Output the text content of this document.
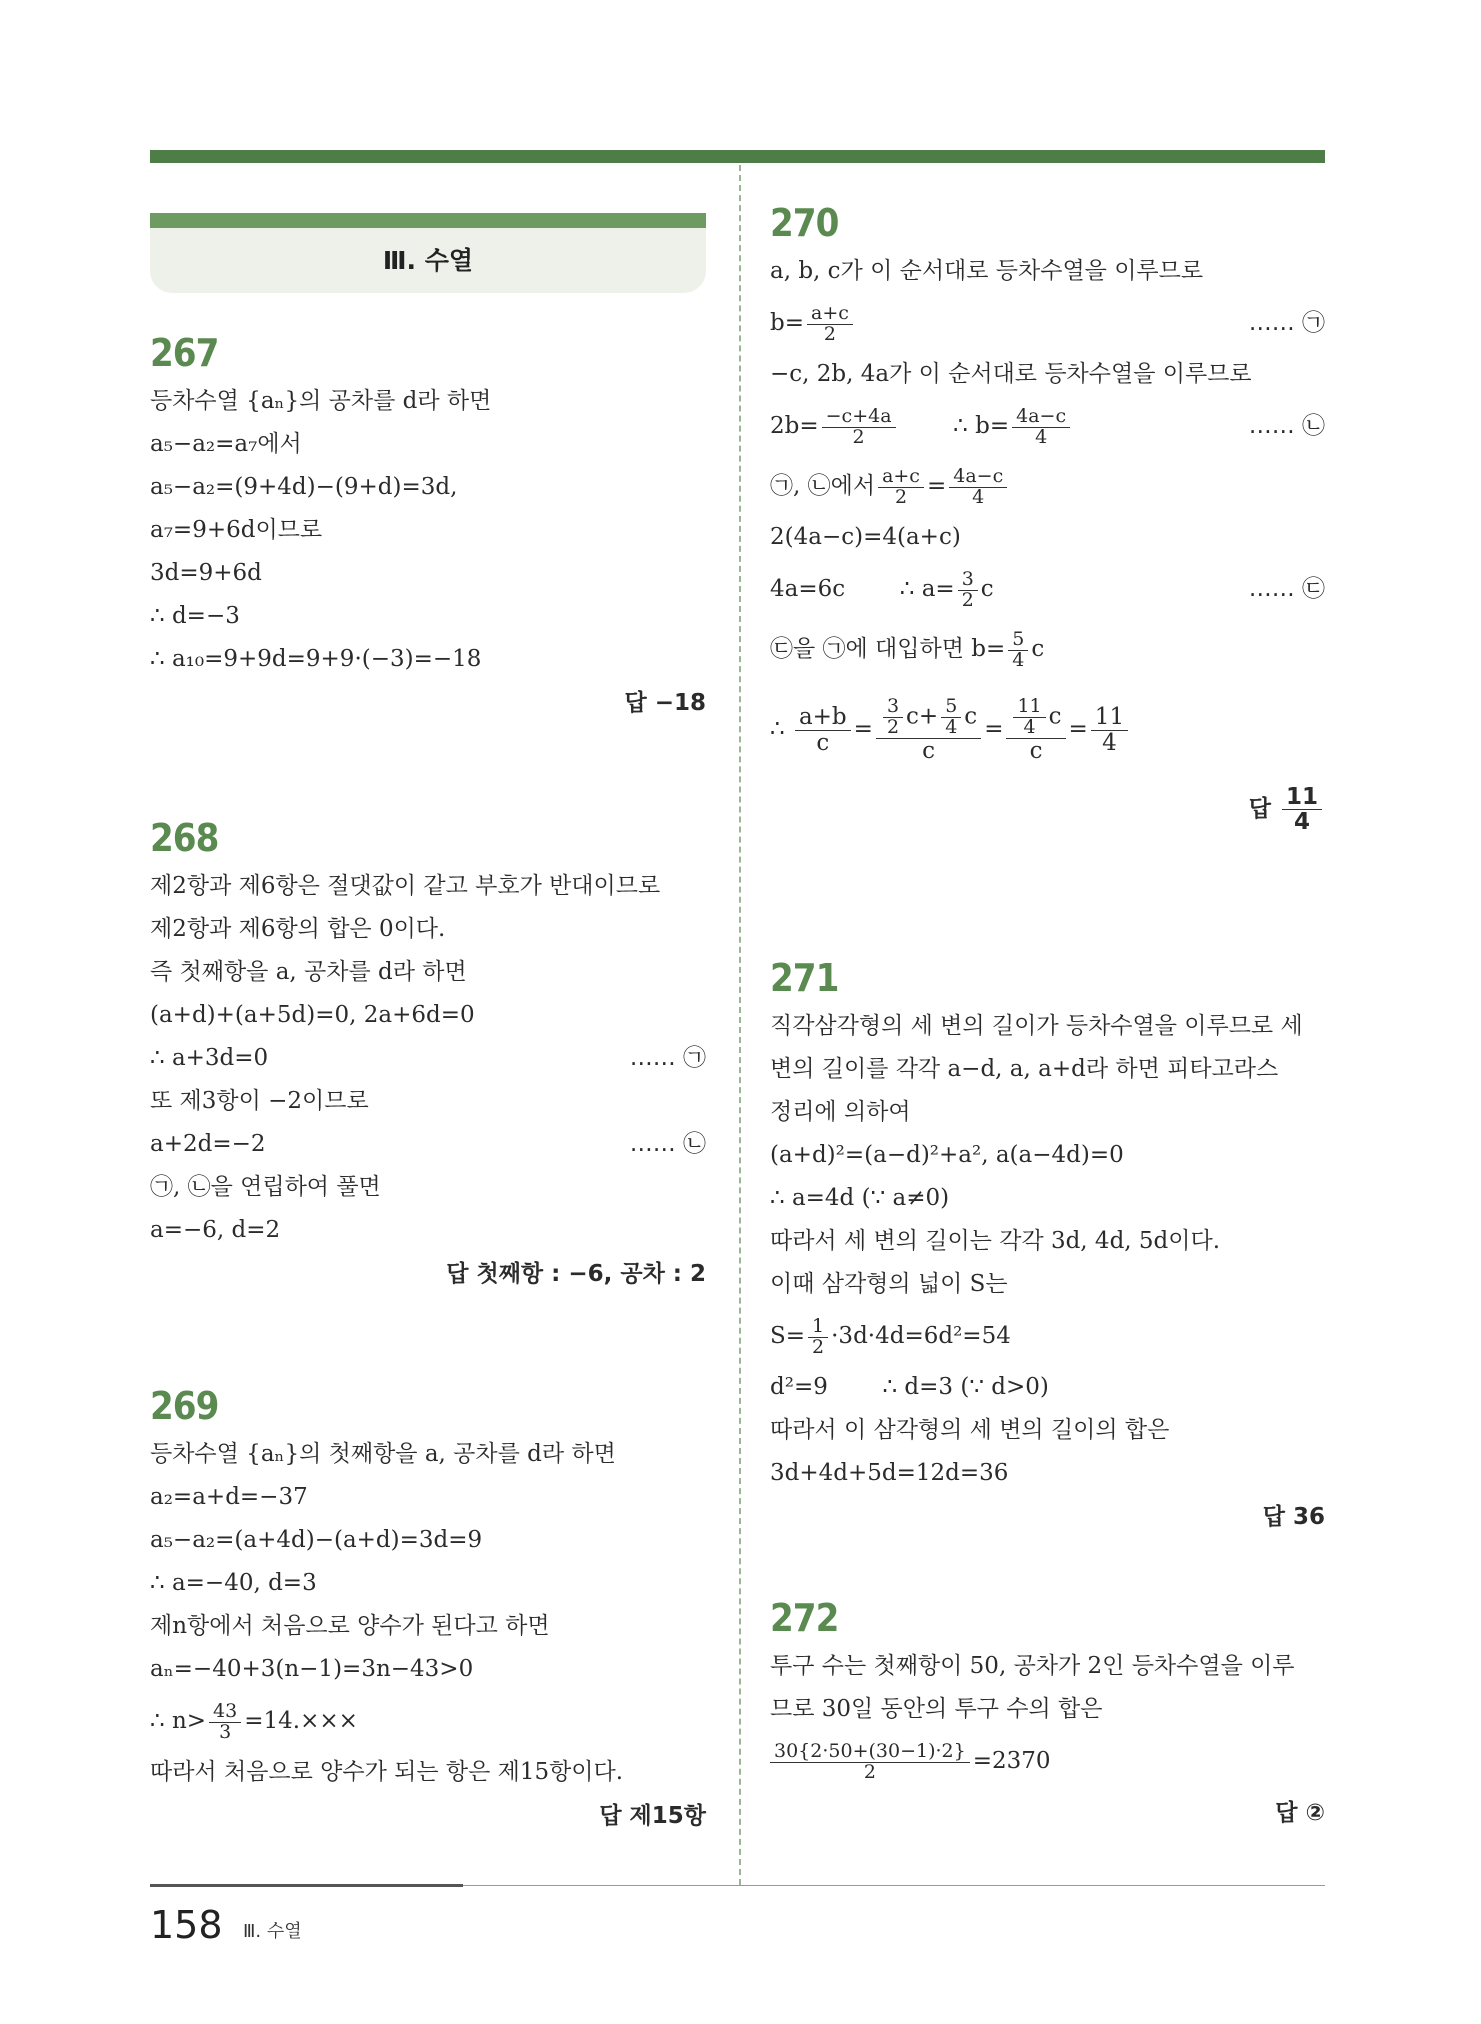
Ⅲ. 수열
267
등차수열 {aₙ}의 공차를 d라 하면
a₅−a₂=a₇에서
a₅−a₂=(9+4d)−(9+d)=3d,
a₇=9+6d이므로
3d=9+6d
∴ d=−3
∴ a₁₀=9+9d=9+9·(−3)=−18
답 −18
268
제2항과 제6항은 절댓값이 같고 부호가 반대이므로
제2항과 제6항의 합은 0이다.
즉 첫째항을 a, 공차를 d라 하면
(a+d)+(a+5d)=0, 2a+6d=0
∴ a+3d=0	…… ㉠
또 제3항이 −2이므로
a+2d=−2	…… ㉡
㉠, ㉡을 연립하여 풀면
a=−6, d=2
답 첫째항 : −6, 공차 : 2
269
등차수열 {aₙ}의 첫째항을 a, 공차를 d라 하면
a₂=a+d=−37
a₅−a₂=(a+4d)−(a+d)=3d=9
∴ a=−40, d=3
제n항에서 처음으로 양수가 된다고 하면
aₙ=−40+3(n−1)=3n−43>0
∴ $n> \frac{43}{3} =14.\times\times\times$
따라서 처음으로 양수가 되는 항은 제15항이다.
답 제15항
270
a, b, c가 이 순서대로 등차수열을 이루므로
$b= \frac{a+c}{2}$	…… ㉠
−c, 2b, 4a가 이 순서대로 등차수열을 이루므로
$2b= \frac{-c+4a}{2}$	∴ $b= \frac{4a-c}{4}$	…… ㉡
㉠, ㉡에서 $\frac{a+c}{2} = \frac{4a-c}{4}$
2(4a−c)=4(a+c)
4a=6c ∴ $a= \frac{3}{2}$ c	…… ㉢
㉢을 ㉠에 대입하면 $b= \frac{5}{4}$ c
∴ $\frac{a+b}{c} = \frac{\frac{3}{2} c+ \frac{5}{4} c}{c} = \frac{\frac{11}{4} c}{c} = \frac{11}{4}$
답 $\frac{11}{4}$
271
직각삼각형의 세 변의 길이가 등차수열을 이루므로 세
변의 길이를 각각 a−d, a, a+d라 하면 피타고라스
정리에 의하여
(a+d)²=(a−d)²+a², a(a−4d)=0
∴ a=4d (∵ a≠0)
따라서 세 변의 길이는 각각 3d, 4d, 5d이다.
이때 삼각형의 넓이 S는
$S= \frac{1}{2} \cdot 3d\cdot 4d=6d^2=54$
d²=9 ∴ d=3 (∵ d>0)
따라서 이 삼각형의 세 변의 길이의 합은
3d+4d+5d=12d=36
답 36
272
투구 수는 첫째항이 50, 공차가 2인 등차수열을 이루
므로 30일 동안의 투구 수의 합은
$\frac{30\{2\cdot 50+(30-1)\cdot 2\}}{2} =2370$
답 ②
158 Ⅲ. 수열
